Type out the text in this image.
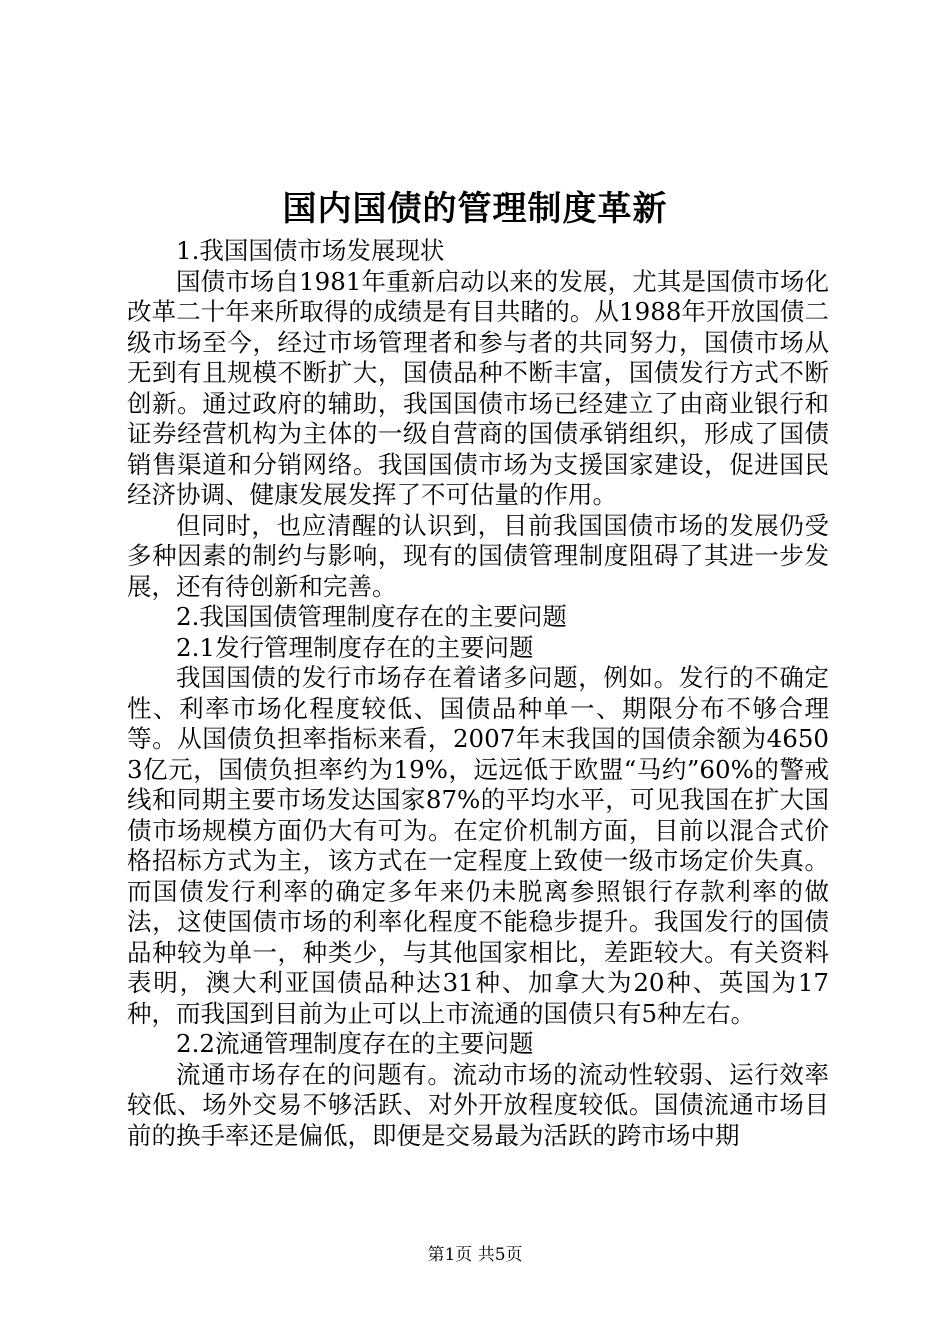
国内国债的管理制度革新

1.我国国债市场发展现状

国债市场自1981年重新启动以来的发展，尤其是国债市场化改革二十年来所取得的成绩是有目共睹的。从1988年开放国债二级市场至今，经过市场管理者和参与者的共同努力，国债市场从无到有且规模不断扩大，国债品种不断丰富，国债发行方式不断创新。通过政府的辅助，我国国债市场已经建立了由商业银行和证券经营机构为主体的一级自营商的国债承销组织，形成了国债销售渠道和分销网络。我国国债市场为支援国家建设，促进国民经济协调、健康发展发挥了不可估量的作用。

但同时，也应清醒的认识到，目前我国国债市场的发展仍受多种因素的制约与影响，现有的国债管理制度阻碍了其进一步发展，还有待创新和完善。

2.我国国债管理制度存在的主要问题

2.1发行管理制度存在的主要问题

我国国债的发行市场存在着诸多问题，例如。发行的不确定性、利率市场化程度较低、国债品种单一、期限分布不够合理等。从国债负担率指标来看，2007年末我国的国债余额为46503亿元，国债负担率约为19%，远远低于欧盟“马约”60%的警戒线和同期主要市场发达国家87%的平均水平，可见我国在扩大国债市场规模方面仍大有可为。在定价机制方面，目前以混合式价格招标方式为主，该方式在一定程度上致使一级市场定价失真。而国债发行利率的确定多年来仍未脱离参照银行存款利率的做法，这使国债市场的利率化程度不能稳步提升。我国发行的国债品种较为单一，种类少，与其他国家相比，差距较大。有关资料表明，澳大利亚国债品种达31种、加拿大为20种、英国为17种，而我国到目前为止可以上市流通的国债只有5种左右。

2.2流通管理制度存在的主要问题

流通市场存在的问题有。流动市场的流动性较弱、运行效率较低、场外交易不够活跃、对外开放程度较低。国债流通市场目前的换手率还是偏低，即便是交易最为活跃的跨市场中期

第1页 共5页
